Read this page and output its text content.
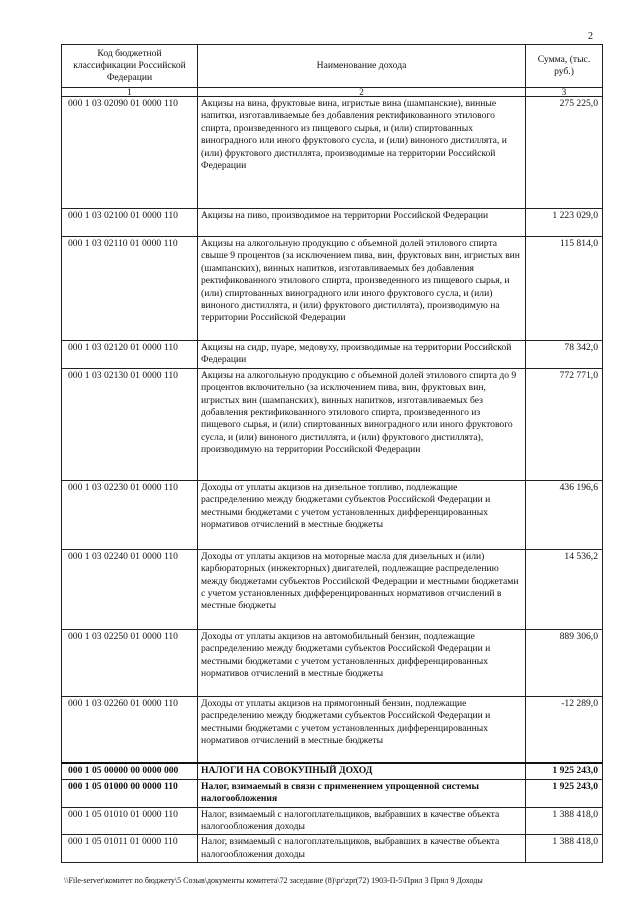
2
Код бюджетной классификации Российской Федерации	Наименование дохода	Сумма, (тыс. руб.)
1	2	3
000 1 03 02090 01 0000 110	Акцизы на вина, фруктовые вина, игристые вина (шампанские), винные напитки, изготавливаемые без добавления ректификованного этилового спирта, произведенного из пищевого сырья, и (или) спиртованных виноградного или иного фруктового сусла, и (или) виноного дистиллята, и (или) фруктового дистиллята, производимые на территории Российской Федерации	275 225,0
000 1 03 02100 01 0000 110	Акцизы на пиво, производимое на территории Российской Федерации	1 223 029,0
000 1 03 02110 01 0000 110	Акцизы на алкогольную продукцию с объемной долей этилового спирта свыше 9 процентов (за исключением пива, вин, фруктовых вин, игристых вин (шампанских), винных напитков, изготавливаемых без добавления ректификованного этилового спирта, произведенного из пищевого сырья, и (или) спиртованных виноградного или иного фруктового сусла, и (или) виноного дистиллята, и (или) фруктового дистиллята), производимую на территории Российской Федерации	115 814,0
000 1 03 02120 01 0000 110	Акцизы на сидр, пуаре, медовуху, производимые на территории Российской Федерации	78 342,0
000 1 03 02130 01 0000 110	Акцизы на алкогольную продукцию с объемной долей этилового спирта до 9 процентов включительно (за исключением пива, вин, фруктовых вин, игристых вин (шампанских), винных напитков, изготавливаемых без добавления ректификованного этилового спирта, произведенного из пищевого сырья, и (или) спиртованных виноградного или иного фруктового сусла, и (или) виноного дистиллята, и (или) фруктового дистиллята), производимую на территории Российской Федерации	772 771,0
000 1 03 02230 01 0000 110	Доходы от уплаты акцизов на дизельное топливо, подлежащие распределению между бюджетами субъектов Российской Федерации и местными бюджетами с учетом установленных дифференцированных нормативов отчислений в местные бюджеты	436 196,6
000 1 03 02240 01 0000 110	Доходы от уплаты акцизов на моторные масла для дизельных и (или) карбюраторных (инжекторных) двигателей, подлежащие распределению между бюджетами субъектов Российской Федерации и местными бюджетами с учетом установленных дифференцированных нормативов отчислений в местные бюджеты	14 536,2
000 1 03 02250 01 0000 110	Доходы от уплаты акцизов на автомобильный бензин, подлежащие распределению между бюджетами субъектов Российской Федерации и местными бюджетами с учетом установленных дифференцированных нормативов отчислений в местные бюджеты	889 306,0
000 1 03 02260 01 0000 110	Доходы от уплаты акцизов на прямогонный бензин, подлежащие распределению между бюджетами субъектов Российской Федерации и местными бюджетами с учетом установленных дифференцированных нормативов отчислений в местные бюджеты	-12 289,0
000 1 05 00000 00 0000 000	НАЛОГИ НА СОВОКУПНЫЙ ДОХОД	1 925 243,0
000 1 05 01000 00 0000 110	Налог, взимаемый в связи с применением упрощенной системы налогообложения	1 925 243,0
000 1 05 01010 01 0000 110	Налог, взимаемый с налогоплательщиков, выбравших в качестве объекта налогообложения доходы	1 388 418,0
000 1 05 01011 01 0000 110	Налог, взимаемый с налогоплательщиков, выбравших в качестве объекта налогообложения доходы	1 388 418,0
\\File-server\комитет по бюджету\5 Созыв\документы комитета\72 заседание (8)\pr\zpr(72) 1903-П-5\Прил 3 Прил 9 Доходы
